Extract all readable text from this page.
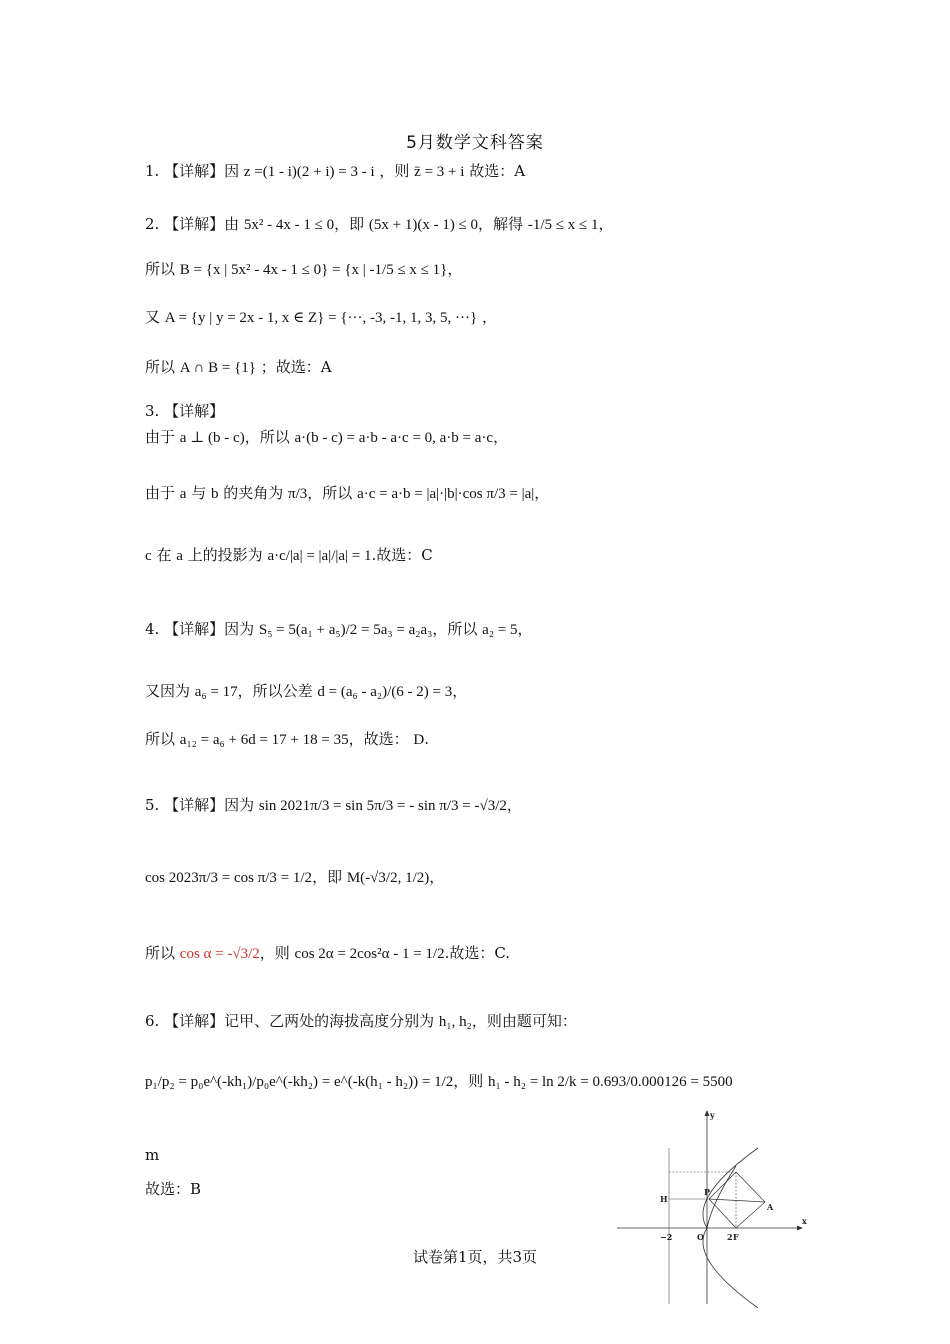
5月数学文科答案
1. 【详解】因 z =(1 - i)(2 + i) = 3 - i ，则 z̄ = 3 + i 故选：A
2. 【详解】由 5x² - 4x - 1 ≤ 0，即 (5x + 1)(x - 1) ≤ 0，解得 -1/5 ≤ x ≤ 1，
所以 B = {x | 5x² - 4x - 1 ≤ 0} = {x | -1/5 ≤ x ≤ 1}，
又 A = {y | y = 2x - 1, x ∈ Z} = {···, -3, -1, 1, 3, 5, ···} ，
所以 A ∩ B = {1} ；故选：A
3. 【详解】
由于 a ⊥ (b - c)，所以 a·(b - c) = a·b - a·c = 0, a·b = a·c，
由于 a 与 b 的夹角为 π/3，所以 a·c = a·b = |a|·|b|·cos π/3 = |a|，
c 在 a 上的投影为 a·c/|a| = |a|/|a| = 1.故选：C
4. 【详解】因为 S₅ = 5(a₁ + a₅)/2 = 5a₃ = a₂a₃，所以 a₂ = 5，
又因为 a₆ = 17，所以公差 d = (a₆ - a₂)/(6 - 2) = 3，
所以 a₁₂ = a₆ + 6d = 17 + 18 = 35，故选： D.
5. 【详解】因为 sin 2021π/3 = sin 5π/3 = - sin π/3 = -√3/2，
cos 2023π/3 = cos π/3 = 1/2，即 M(-√3/2, 1/2)，
所以 cos α = -√3/2，则 cos 2α = 2cos²α - 1 = 1/2.故选：C.
6. 【详解】记甲、乙两处的海拔高度分别为 h₁, h₂，则由题可知：
p₁/p₂ = p₀e^(-kh₁)/p₀e^(-kh₂) = e^(-k(h₁ - h₂)) = 1/2，则 h₁ - h₂ = ln 2/k = 0.693/0.000126 = 5500
m
故选：B
y
x
H
P
A
F
O
−2	2
试卷第1页，共3页
